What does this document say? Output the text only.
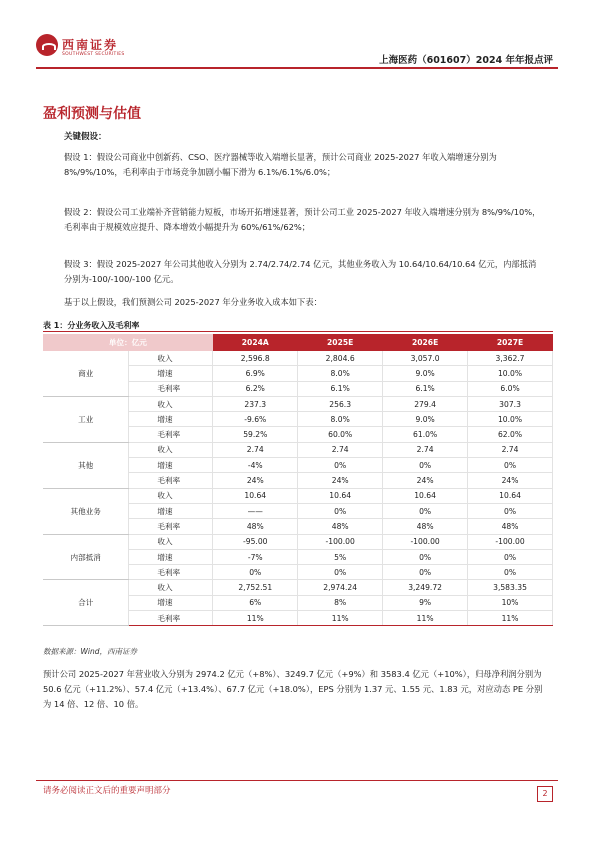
西南证券
SOUTHWEST SECURITIES
上海医药（601607）2024 年年报点评
盈利预测与估值
关键假设：
假设 1：假设公司商业中创新药、CSO、医疗器械等收入端增长显著，预计公司商业 2025-2027 年收入端增速分别为 8%/9%/10%，毛利率由于市场竞争加剧小幅下滑为 6.1%/6.1%/6.0%；
假设 2：假设公司工业端补齐营销能力短板，市场开拓增速显著，预计公司工业 2025-2027 年收入端增速分别为 8%/9%/10%，毛利率由于规模效应提升、降本增效小幅提升为 60%/61%/62%；
假设 3：假设 2025-2027 年公司其他收入分别为 2.74/2.74/2.74 亿元，其他业务收入为 10.64/10.64/10.64 亿元，内部抵消分别为-100/-100/-100 亿元。
基于以上假设，我们预测公司 2025-2027 年分业务收入成本如下表：
表 1：分业务收入及毛利率
单位：亿元		2024A	2025E	2026E	2027E
商业	收入	2,596.8	2,804.6	3,057.0	3,362.7
	增速	6.9%	8.0%	9.0%	10.0%
	毛利率	6.2%	6.1%	6.1%	6.0%
工业	收入	237.3	256.3	279.4	307.3
	增速	-9.6%	8.0%	9.0%	10.0%
	毛利率	59.2%	60.0%	61.0%	62.0%
其他	收入	2.74	2.74	2.74	2.74
	增速	-4%	0%	0%	0%
	毛利率	24%	24%	24%	24%
其他业务	收入	10.64	10.64	10.64	10.64
	增速	——	0%	0%	0%
	毛利率	48%	48%	48%	48%
内部抵消	收入	-95.00	-100.00	-100.00	-100.00
	增速	-7%	5%	0%	0%
	毛利率	0%	0%	0%	0%
合计	收入	2,752.51	2,974.24	3,249.72	3,583.35
	增速	6%	8%	9%	10%
	毛利率	11%	11%	11%	11%
数据来源：Wind，西南证券
预计公司 2025-2027 年营业收入分别为 2974.2 亿元（+8%）、3249.7 亿元（+9%）和 3583.4 亿元（+10%），归母净利润分别为 50.6 亿元（+11.2%）、57.4 亿元（+13.4%）、67.7 亿元（+18.0%），EPS 分别为 1.37 元、1.55 元、1.83 元，对应动态 PE 分别为 14 倍、12 倍、10 倍。
请务必阅读正文后的重要声明部分	2
